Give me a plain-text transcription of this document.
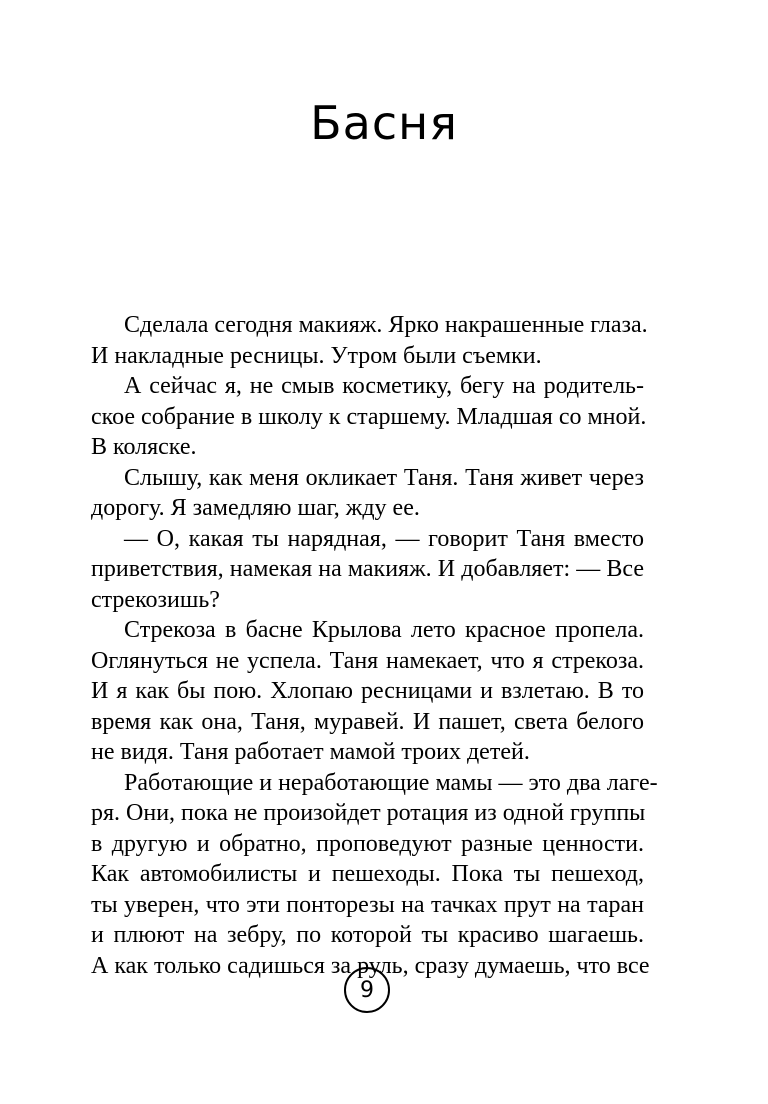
Басня
Сделала сегодня макияж. Ярко накрашенные глаза.
И накладные ресницы. Утром были съемки.
А сейчас я, не смыв косметику, бегу на родитель-
ское собрание в школу к старшему. Младшая со мной.
В коляске.
Слышу, как меня окликает Таня. Таня живет через
дорогу. Я замедляю шаг, жду ее.
— О, какая ты нарядная, — говорит Таня вместо
приветствия, намекая на макияж. И добавляет: — Все
стрекозишь?
Стрекоза в басне Крылова лето красное пропела.
Оглянуться не успела. Таня намекает, что я стрекоза.
И я как бы пою. Хлопаю ресницами и взлетаю. В то
время как она, Таня, муравей. И пашет, света белого
не видя. Таня работает мамой троих детей.
Работающие и неработающие мамы — это два лаге-
ря. Они, пока не произойдет ротация из одной группы
в другую и обратно, проповедуют разные ценности.
Как автомобилисты и пешеходы. Пока ты пешеход,
ты уверен, что эти понторезы на тачках прут на таран
и плюют на зебру, по которой ты красиво шагаешь.
А как только садишься за руль, сразу думаешь, что все
9
